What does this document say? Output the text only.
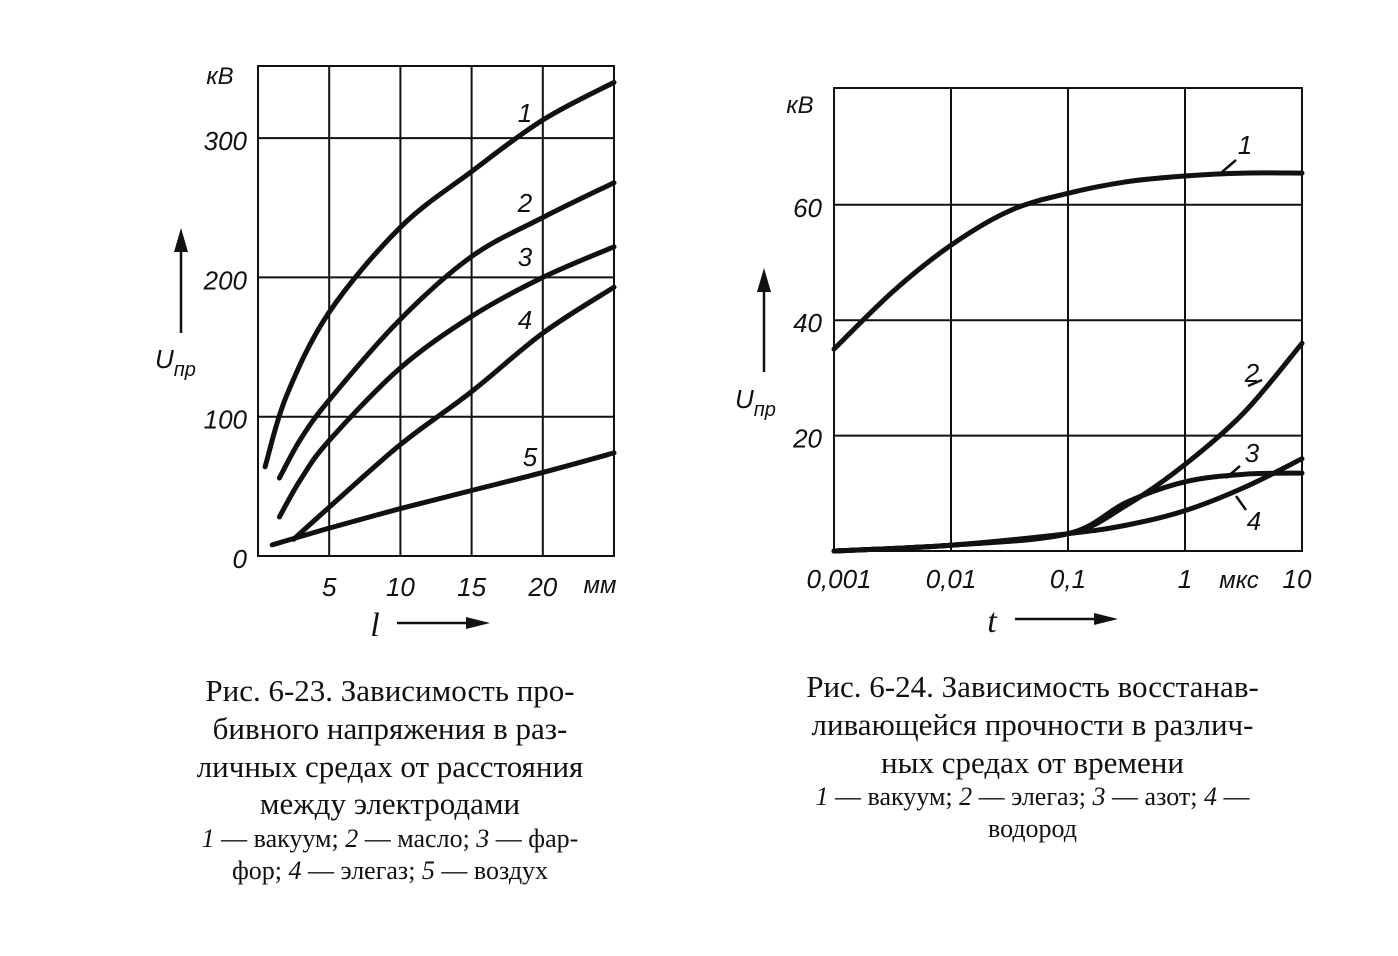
5 10 15 20
0
100
200
300
мм
кВ
$U_{пр}$
l
1
2
3
4
5
0,001 0,01	0,1	1	10
20
40
60
мкс
кВ
$U_{пр}$
t
1
2
3
4
Рис. 6-23. Зависимость про-
бивного напряжения в раз-
личных средах от расстояния
между электродами
1 — вакуум; 2 — масло; 3 — фар-
фор; 4 — элегаз; 5 — воздух
Рис. 6-24. Зависимость восстанав-
ливающейся прочности в различ-
ных средах от времени
1 — вакуум; 2 — элегаз; 3 — азот; 4 —
водород
